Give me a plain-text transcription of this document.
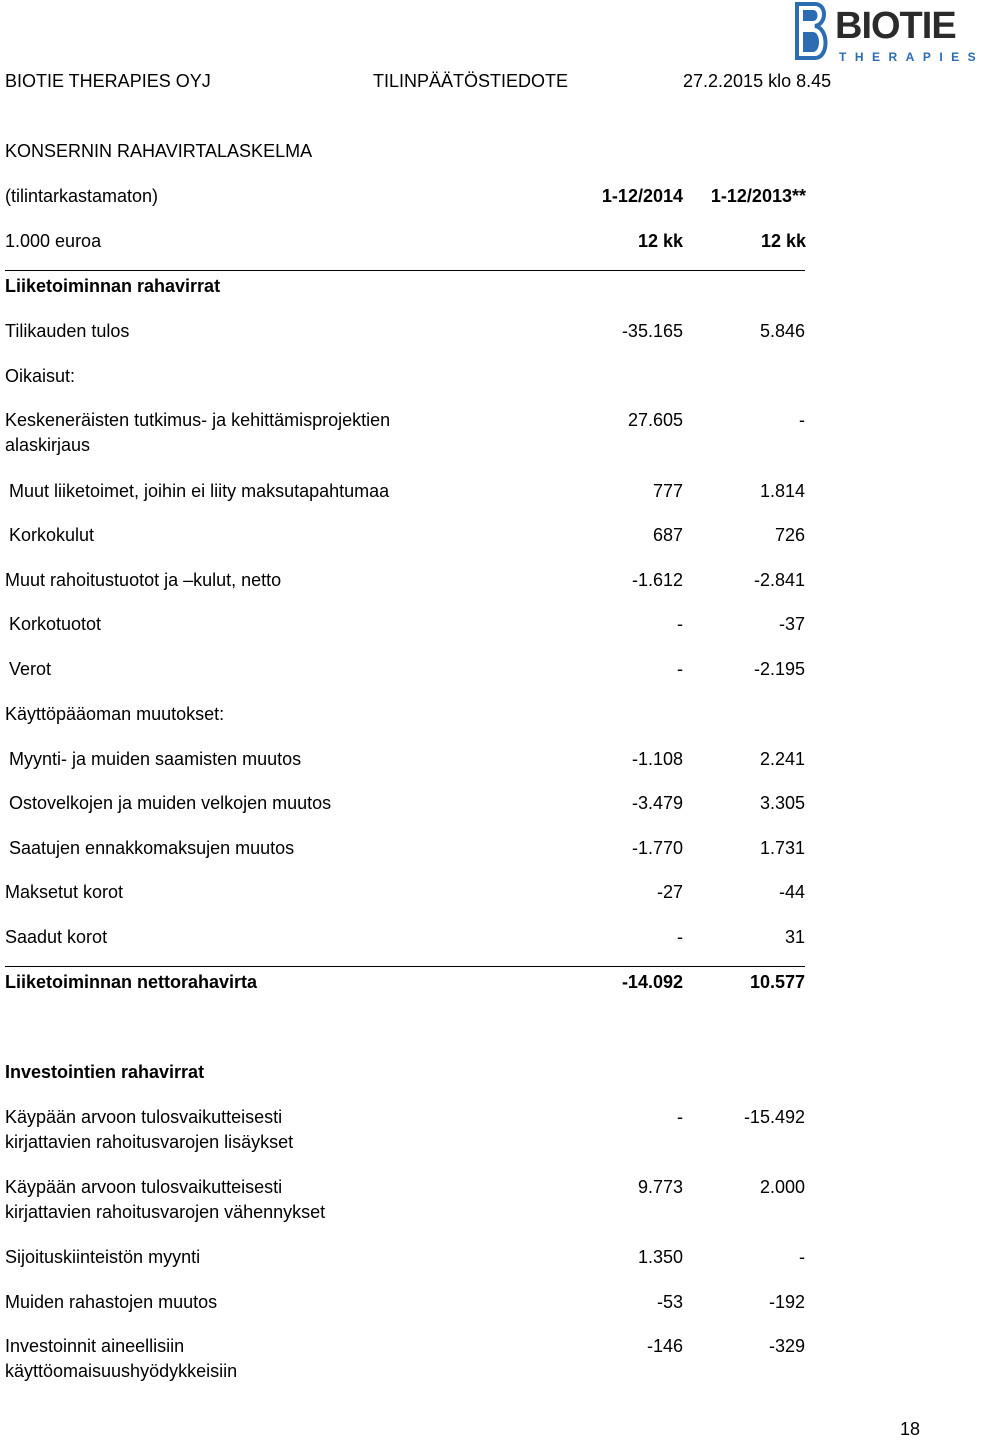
BIOTIE
THERAPIES
BIOTIE THERAPIES OYJ	TILINPÄÄTÖSTIEDOTE	27.2.2015 klo 8.45
KONSERNIN RAHAVIRTALASKELMA
(tilintarkastamaton)	1-12/2014	1-12/2013**
1.000 euroa	12 kk	12 kk
Liiketoiminnan rahavirrat
Tilikauden tulos	-35.165	5.846
Oikaisut:
Keskeneräisten tutkimus- ja kehittämisprojektien
alaskirjaus
27.605	-
Muut liiketoimet, joihin ei liity maksutapahtumaa	777	1.814
Korkokulut	687	726
Muut rahoitustuotot ja –kulut, netto	-1.612	-2.841
Korkotuotot	-	-37
Verot	-	-2.195
Käyttöpääoman muutokset:
Myynti- ja muiden saamisten muutos	-1.108	2.241
Ostovelkojen ja muiden velkojen muutos	-3.479	3.305
Saatujen ennakkomaksujen muutos	-1.770	1.731
Maksetut korot	-27	-44
Saadut korot	-	31
Liiketoiminnan nettorahavirta	-14.092	10.577
Investointien rahavirrat
Käypään arvoon tulosvaikutteisesti
kirjattavien rahoitusvarojen lisäykset
-	-15.492
Käypään arvoon tulosvaikutteisesti
kirjattavien rahoitusvarojen vähennykset
9.773	2.000
Sijoituskiinteistön myynti	1.350	-
Muiden rahastojen muutos	-53	-192
Investoinnit aineellisiin
käyttöomaisuushyödykkeisiin
-146	-329
18
